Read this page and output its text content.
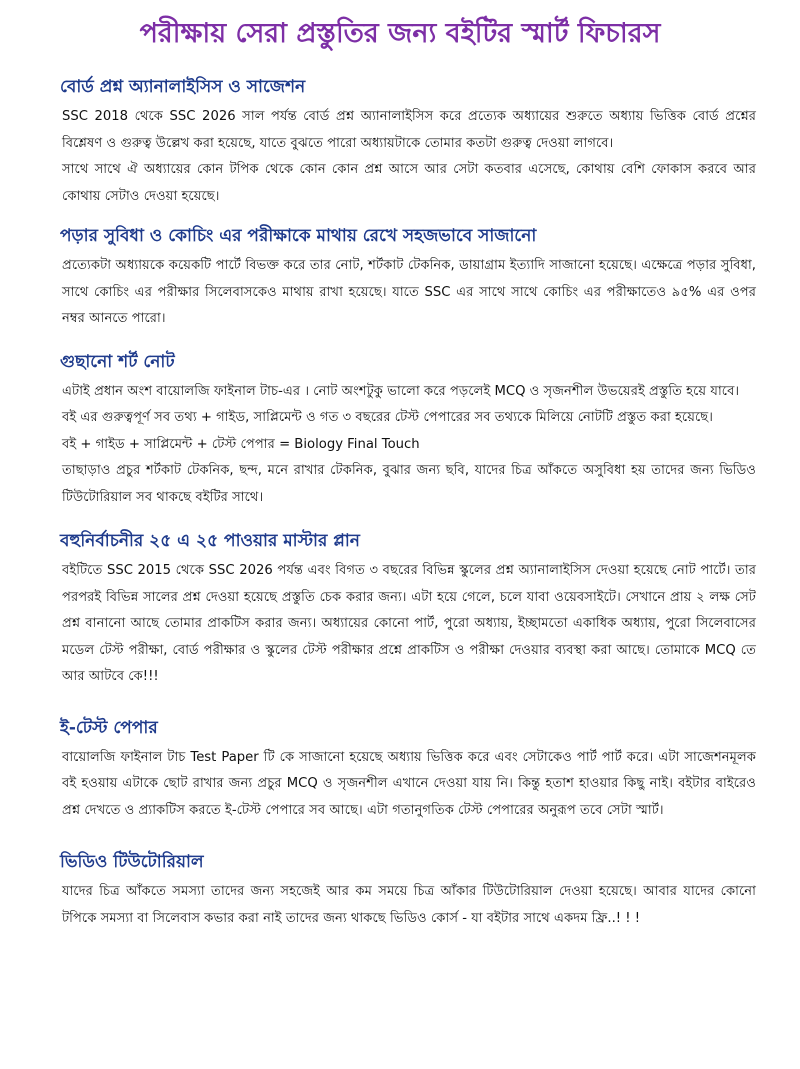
পরীক্ষায় সেরা প্রস্তুতির জন্য বইটির স্মার্ট ফিচারস
বোর্ড প্রশ্ন অ্যানালাইসিস ও সাজেশন

SSC 2018 থেকে SSC 2026 সাল পর্যন্ত বোর্ড প্রশ্ন অ্যানালাইসিস করে প্রত্যেক অধ্যায়ের শুরুতে অধ্যায় ভিত্তিক বোর্ড প্রশ্নের বিশ্লেষণ ও গুরুত্ব উল্লেখ করা হয়েছে, যাতে বুঝতে পারো অধ্যায়টাকে তোমার কতটা গুরুত্ব দেওয়া লাগবে।

সাথে সাথে ঐ অধ্যায়ের কোন টপিক থেকে কোন কোন প্রশ্ন আসে আর সেটা কতবার এসেছে, কোথায় বেশি ফোকাস করবে আর কোথায় সেটাও দেওয়া হয়েছে।

পড়ার সুবিধা ও কোচিং এর পরীক্ষাকে মাথায় রেখে সহজভাবে সাজানো

প্রত্যেকটা অধ্যায়কে কয়েকটি পার্টে বিভক্ত করে তার নোট, শর্টকাট টেকনিক, ডায়াগ্রাম ইত্যাদি সাজানো হয়েছে। এক্ষেত্রে পড়ার সুবিধা, সাথে কোচিং এর পরীক্ষার সিলেবাসকেও মাথায় রাখা হয়েছে। যাতে SSC এর সাথে সাথে কোচিং এর পরীক্ষাতেও ৯৫% এর ওপর নম্বর আনতে পারো।

গুছানো শর্ট নোট

এটাই প্রধান অংশ বায়োলজি ফাইনাল টাচ-এর । নোট অংশটুকু ভালো করে পড়লেই MCQ ও সৃজনশীল উভয়েরই প্রস্তুতি হয়ে যাবে।

বই এর গুরুত্বপূর্ণ সব তথ্য + গাইড, সাপ্লিমেন্ট ও গত ৩ বছরের টেস্ট পেপারের সব তথ্যকে মিলিয়ে নোটটি প্রস্তুত করা হয়েছে।

বই + গাইড + সাপ্লিমেন্ট + টেস্ট পেপার = Biology Final Touch

তাছাড়াও প্রচুর শর্টকাট টেকনিক, ছন্দ, মনে রাখার টেকনিক, বুঝার জন্য ছবি, যাদের চিত্র আঁকতে অসুবিধা হয় তাদের জন্য ভিডিও টিউটোরিয়াল সব থাকছে বইটির সাথে।

বহুনির্বাচনীর ২৫ এ ২৫ পাওয়ার মাস্টার প্লান

বইটিতে SSC 2015 থেকে SSC 2026 পর্যন্ত এবং বিগত ৩ বছরের বিভিন্ন স্কুলের প্রশ্ন অ্যানালাইসিস দেওয়া হয়েছে নোট পার্টে। তার পরপরই বিভিন্ন সালের প্রশ্ন দেওয়া হয়েছে প্রস্তুতি চেক করার জন্য। এটা হয়ে গেলে, চলে যাবা ওয়েবসাইটে। সেখানে প্রায় ২ লক্ষ সেট প্রশ্ন বানানো আছে তোমার প্রাকটিস করার জন্য। অধ্যায়ের কোনো পার্ট, পুরো অধ্যায়, ইচ্ছামতো একাধিক অধ্যায়, পুরো সিলেবাসের মডেল টেস্ট পরীক্ষা, বোর্ড পরীক্ষার ও স্কুলের টেস্ট পরীক্ষার প্রশ্নে প্রাকটিস ও পরীক্ষা দেওয়ার ব্যবস্থা করা আছে। তোমাকে MCQ তে আর আটবে কে!!!

ই-টেস্ট পেপার

বায়োলজি ফাইনাল টাচ Test Paper টি কে সাজানো হয়েছে অধ্যায় ভিত্তিক করে এবং সেটাকেও পার্ট পার্ট করে। এটা সাজেশনমূলক বই হওয়ায় এটাকে ছোট রাখার জন্য প্রচুর MCQ ও সৃজনশীল এখানে দেওয়া যায় নি। কিন্তু হতাশ হাওয়ার কিছু নাই। বইটার বাইরেও প্রশ্ন দেখতে ও প্র্যাকটিস করতে ই-টেস্ট পেপারে সব আছে। এটা গতানুগতিক টেস্ট পেপারের অনুরূপ তবে সেটা স্মার্ট।

ভিডিও টিউটোরিয়াল

যাদের চিত্র আঁকতে সমস্যা তাদের জন্য সহজেই আর কম সময়ে চিত্র আঁকার টিউটোরিয়াল দেওয়া হয়েছে। আবার যাদের কোনো টপিকে সমস্যা বা সিলেবাস কভার করা নাই তাদের জন্য থাকছে ভিডিও কোর্স - যা বইটার সাথে একদম ফ্রি..! ! !
